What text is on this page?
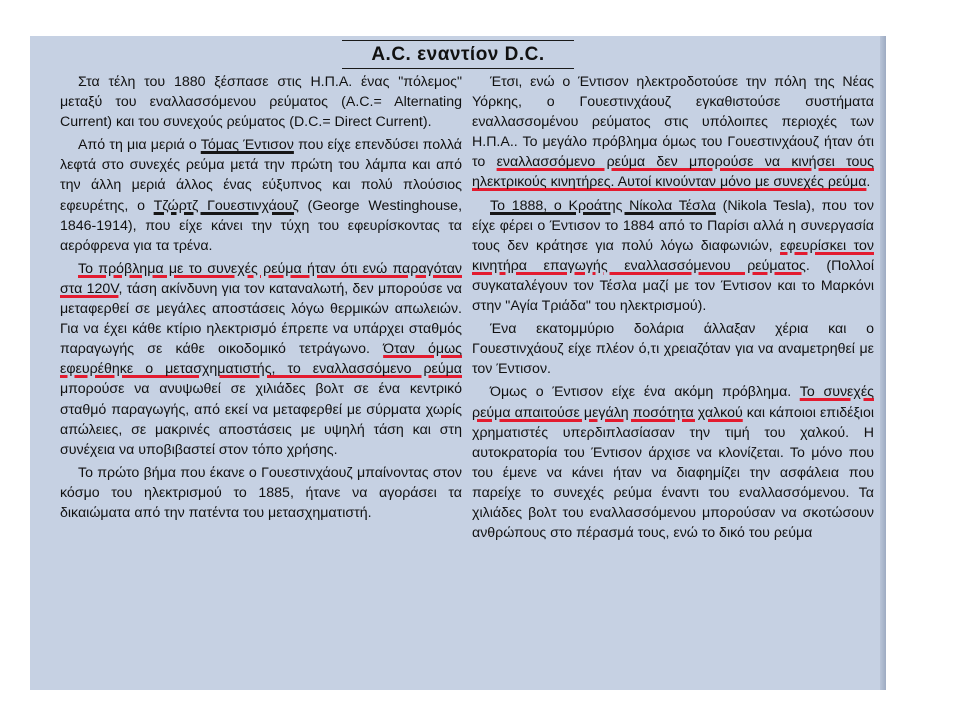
A.C. εναντίον D.C.

Στα τέλη του 1880 ξέσπασε στις Η.Π.Α. ένας "πόλεμος" μεταξύ του εναλλασσόμενου ρεύματος (A.C.= Alternating Current) και του συνεχούς ρεύματος (D.C.= Direct Current).

Από τη μια μεριά ο Τόμας Έντισον που είχε επενδύσει πολλά λεφτά στο συνεχές ρεύμα μετά την πρώτη του λάμπα και από την άλλη μεριά άλλος ένας εύξυπνος και πολύ πλούσιος εφευρέτης, ο Τζώρτζ Γουεστινχάουζ (George Westinghouse, 1846-1914), που είχε κάνει την τύχη του εφευρίσκοντας τα αερόφρενα για τα τρένα.

Το πρόβλημα με το συνεχές ρεύμα ήταν ότι ενώ παραγόταν στα 120V, τάση ακίνδυνη για τον καταναλωτή, δεν μπορούσε να μεταφερθεί σε μεγάλες αποστάσεις λόγω θερμικών απωλειών. Για να έχει κάθε κτίριο ηλεκτρισμό έπρεπε να υπάρχει σταθμός παραγωγής σε κάθε οικοδομικό τετράγωνο. Όταν όμως εφευρέθηκε ο μετασχηματιστής, το εναλλασσόμενο ρεύμα μπορούσε να ανυψωθεί σε χιλιάδες βολτ σε ένα κεντρικό σταθμό παραγωγής, από εκεί να μεταφερθεί με σύρματα χωρίς απώλειες, σε μακρινές αποστάσεις με υψηλή τάση και στη συνέχεια να υποβιβαστεί στον τόπο χρήσης.

Το πρώτο βήμα που έκανε ο Γουεστινχάουζ μπαίνοντας στον κόσμο του ηλεκτρισμού το 1885, ήτανε να αγοράσει τα δικαιώματα από την πατέντα του μετασχηματιστή.

Έτσι, ενώ ο Έντισον ηλεκτροδοτούσε την πόλη της Νέας Υόρκης, ο Γουεστινχάουζ εγκαθιστούσε συστήματα εναλλασσομένου ρεύματος στις υπόλοιπες περιοχές των Η.Π.Α.. Το μεγάλο πρόβλημα όμως του Γουεστινχάουζ ήταν ότι το εναλλασσόμενο ρεύμα δεν μπορούσε να κινήσει τους ηλεκτρικούς κινητήρες. Αυτοί κινούνταν μόνο με συνεχές ρεύμα.

Το 1888, ο Κροάτης Νίκολα Τέσλα (Nikola Tesla), που τον είχε φέρει ο Έντισον το 1884 από το Παρίσι αλλά η συνεργασία τους δεν κράτησε για πολύ λόγω διαφωνιών, εφευρίσκει τον κινητήρα επαγωγής εναλλασσόμενου ρεύματος. (Πολλοί συγκαταλέγουν τον Τέσλα μαζί με τον Έντισον και το Μαρκόνι στην "Αγία Τριάδα" του ηλεκτρισμού).

Ένα εκατομμύριο δολάρια άλλαξαν χέρια και ο Γουεστινχάουζ είχε πλέον ό,τι χρειαζόταν για να αναμετρηθεί με τον Έντισον.

Όμως ο Έντισον είχε ένα ακόμη πρόβλημα. Το συνεχές ρεύμα απαιτούσε μεγάλη ποσότητα χαλκού και κάποιοι επιδέξιοι χρηματιστές υπερδιπλασίασαν την τιμή του χαλκού. Η αυτοκρατορία του Έντισον άρχισε να κλονίζεται. Το μόνο που του έμενε να κάνει ήταν να διαφημίζει την ασφάλεια που παρείχε το συνεχές ρεύμα έναντι του εναλλασσόμενου. Τα χιλιάδες βολτ του εναλλασσόμενου μπορούσαν να σκοτώσουν ανθρώπους στο πέρασμά τους, ενώ το δικό του ρεύμα
